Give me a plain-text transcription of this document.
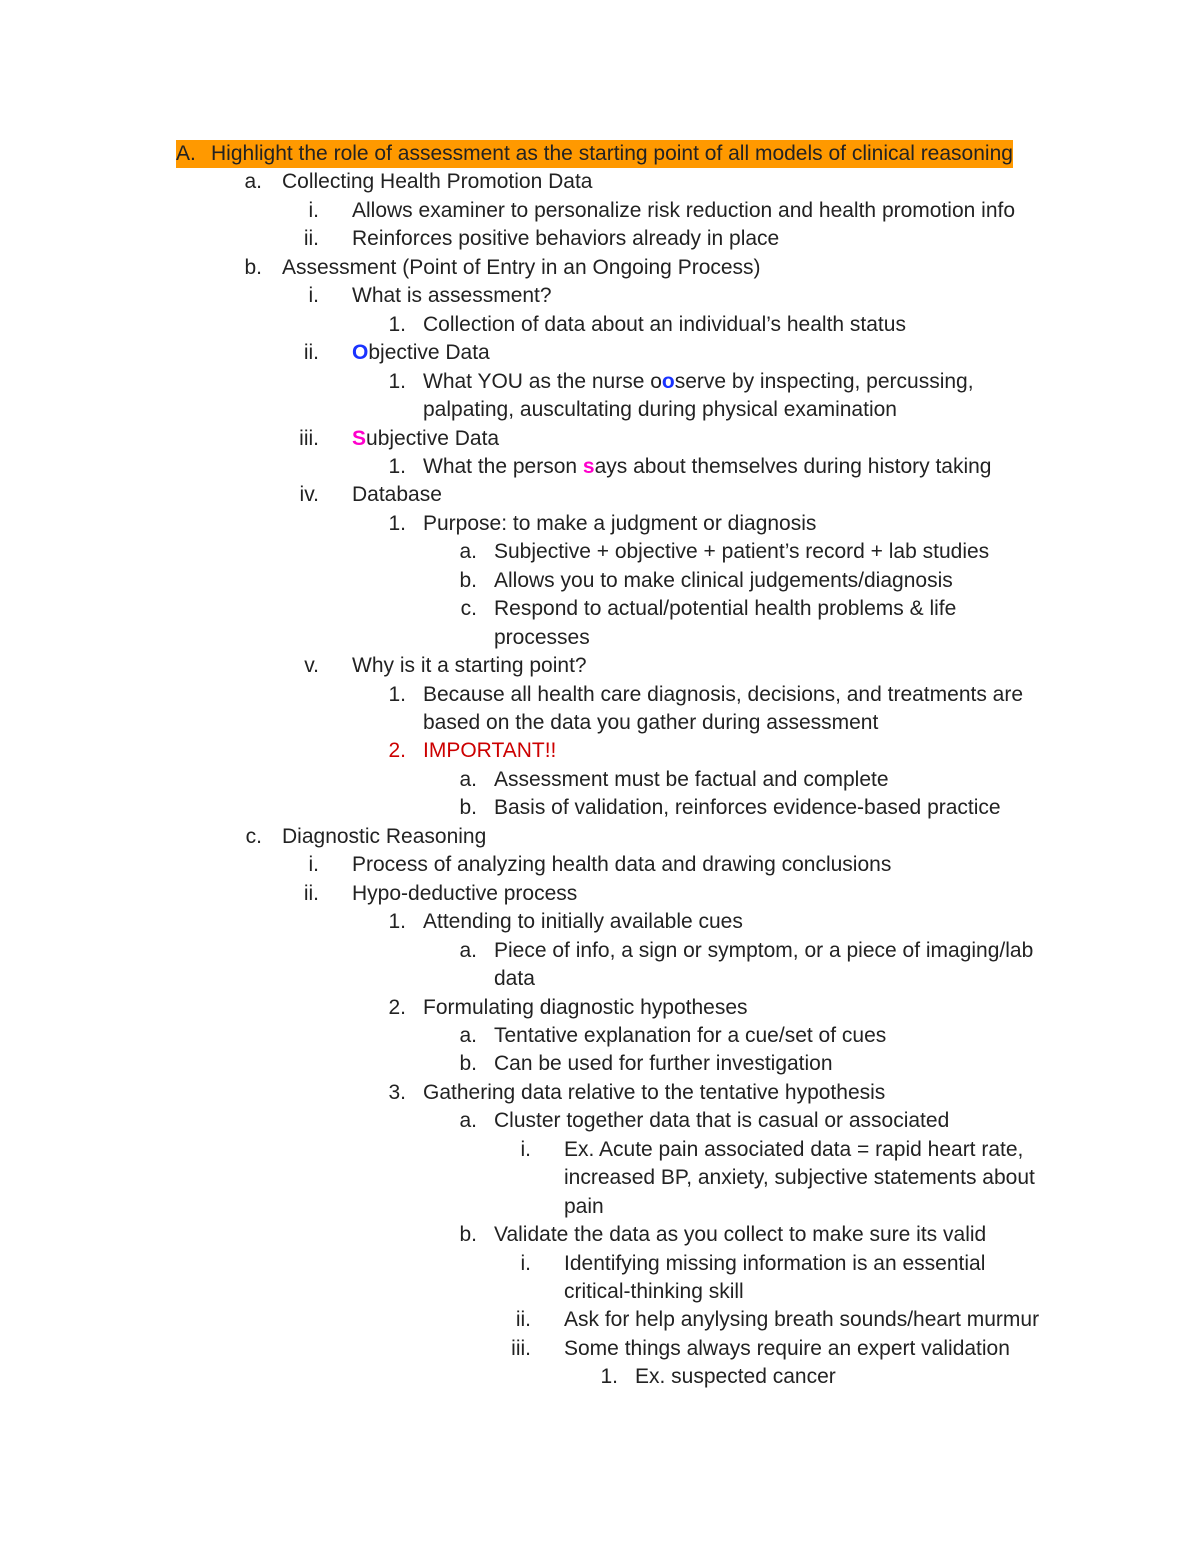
A. Highlight the role of assessment as the starting point of all models of clinical reasoning
a. Collecting Health Promotion Data
i. Allows examiner to personalize risk reduction and health promotion info
ii. Reinforces positive behaviors already in place
b. Assessment (Point of Entry in an Ongoing Process)
i. What is assessment?
1. Collection of data about an individual’s health status
ii. Objective Data
1. What YOU as the nurse ooserve by inspecting, percussing,
palpating, auscultating during physical examination
iii. Subjective Data
1. What the person says about themselves during history taking
iv. Database
1. Purpose: to make a judgment or diagnosis
a. Subjective + objective + patient’s record + lab studies
b. Allows you to make clinical judgements/diagnosis
c. Respond to actual/potential health problems & life
processes
v. Why is it a starting point?
1. Because all health care diagnosis, decisions, and treatments are
based on the data you gather during assessment
2. IMPORTANT!!
a. Assessment must be factual and complete
b. Basis of validation, reinforces evidence-based practice
c. Diagnostic Reasoning
i. Process of analyzing health data and drawing conclusions
ii. Hypo-deductive process
1. Attending to initially available cues
a. Piece of info, a sign or symptom, or a piece of imaging/lab
data
2. Formulating diagnostic hypotheses
a. Tentative explanation for a cue/set of cues
b. Can be used for further investigation
3. Gathering data relative to the tentative hypothesis
a. Cluster together data that is casual or associated
i. Ex. Acute pain associated data = rapid heart rate,
increased BP, anxiety, subjective statements about
pain
b. Validate the data as you collect to make sure its valid
i. Identifying missing information is an essential
critical-thinking skill
ii. Ask for help anylysing breath sounds/heart murmur
iii. Some things always require an expert validation
1. Ex. suspected cancer
